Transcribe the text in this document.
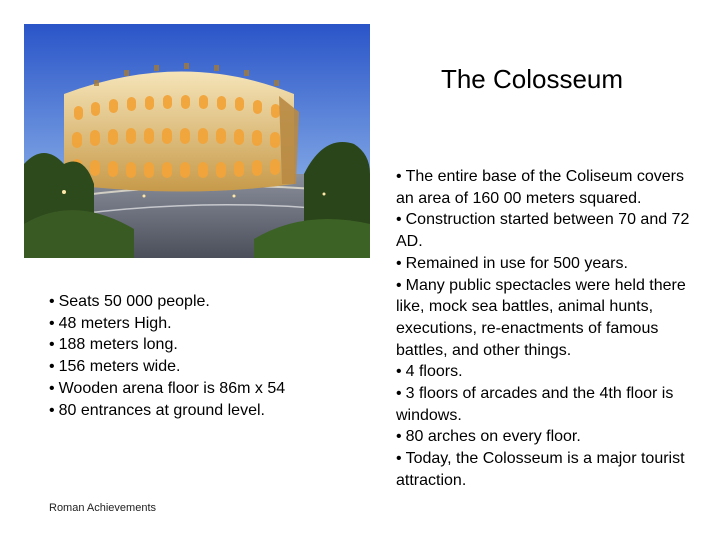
The Colosseum
• Seats 50 000 people.
• 48 meters High.
• 188 meters long.
• 156 meters wide.
• Wooden arena floor is 86m x 54
• 80 entrances at ground level.
• The entire base of the Coliseum covers an area of 160 00 meters squared.
• Construction started between 70 and 72 AD.
• Remained in use for 500 years.
• Many public spectacles were held there like, mock sea battles, animal hunts, executions, re-enactments of famous battles, and other things.
• 4 floors.
• 3 floors of arcades and the 4th floor is windows.
• 80 arches on every floor.
• Today, the Colosseum is a major tourist attraction.
Roman Achievements
